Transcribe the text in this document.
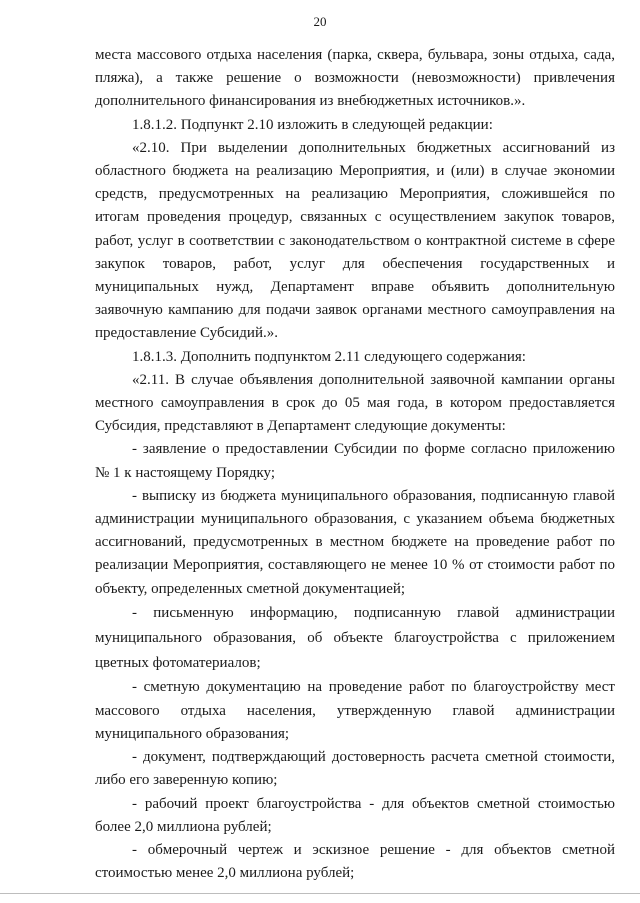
20

места массового отдыха населения (парка, сквера, бульвара, зоны отдыха, сада, пляжа), а также решение о возможности (невозможности) привлечения дополнительного финансирования из внебюджетных источников.».

1.8.1.2. Подпункт 2.10 изложить в следующей редакции:

«2.10. При выделении дополнительных бюджетных ассигнований из областного бюджета на реализацию Мероприятия, и (или) в случае экономии средств, предусмотренных на реализацию Мероприятия, сложившейся по итогам проведения процедур, связанных с осуществлением закупок товаров, работ, услуг в соответствии с законодательством о контрактной системе в сфере закупок товаров, работ, услуг для обеспечения государственных и муниципальных нужд, Департамент вправе объявить дополнительную заявочную кампанию для подачи заявок органами местного самоуправления на предоставление Субсидий.».

1.8.1.3. Дополнить подпунктом 2.11 следующего содержания:

«2.11. В случае объявления дополнительной заявочной кампании органы местного самоуправления в срок до 05 мая года, в котором предоставляется Субсидия, представляют в Департамент следующие документы:

- заявление о предоставлении Субсидии по форме согласно приложению № 1 к настоящему Порядку;

- выписку из бюджета муниципального образования, подписанную главой администрации муниципального образования, с указанием объема бюджетных ассигнований, предусмотренных в местном бюджете на проведение работ по реализации Мероприятия, составляющего не менее 10 % от стоимости работ по объекту, определенных сметной документацией;

- письменную информацию, подписанную главой администрации муниципального образования, об объекте благоустройства с приложением цветных фотоматериалов;

- сметную документацию на проведение работ по благоустройству мест массового отдыха населения, утвержденную главой администрации муниципального образования;

- документ, подтверждающий достоверность расчета сметной стоимости, либо его заверенную копию;

- рабочий проект благоустройства - для объектов сметной стоимостью более 2,0 миллиона рублей;

- обмерочный чертеж и эскизное решение - для объектов сметной стоимостью менее 2,0 миллиона рублей;
